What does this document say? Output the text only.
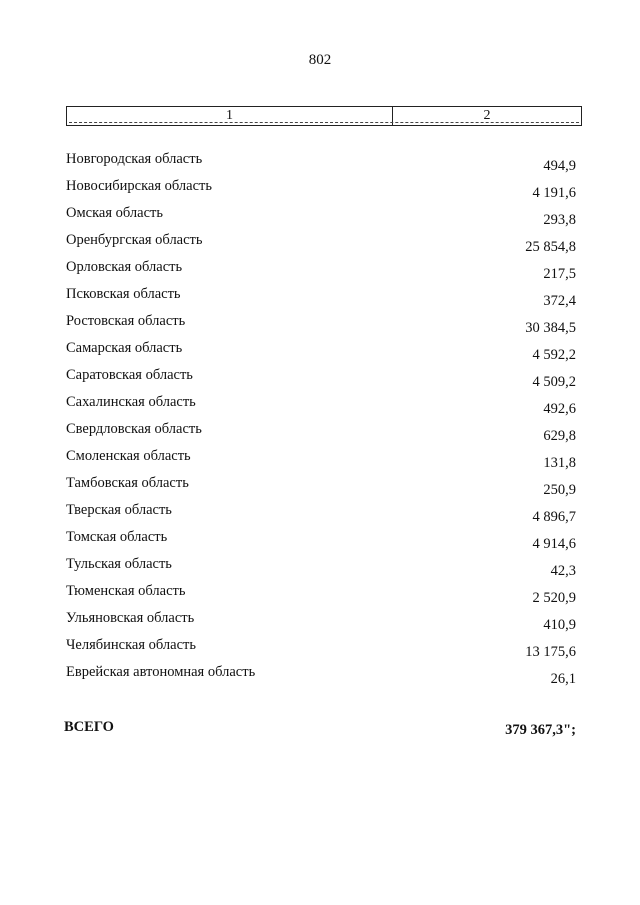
802
1	2
Новгородская область	494,9
Новосибирская область	4 191,6
Омская область	293,8
Оренбургская область	25 854,8
Орловская область	217,5
Псковская область	372,4
Ростовская область	30 384,5
Самарская область	4 592,2
Саратовская область	4 509,2
Сахалинская область	492,6
Свердловская область	629,8
Смоленская область	131,8
Тамбовская область	250,9
Тверская область	4 896,7
Томская область	4 914,6
Тульская область	42,3
Тюменская область	2 520,9
Ульяновская область	410,9
Челябинская область	13 175,6
Еврейская автономная область	26,1
ВСЕГО	379 367,3";
